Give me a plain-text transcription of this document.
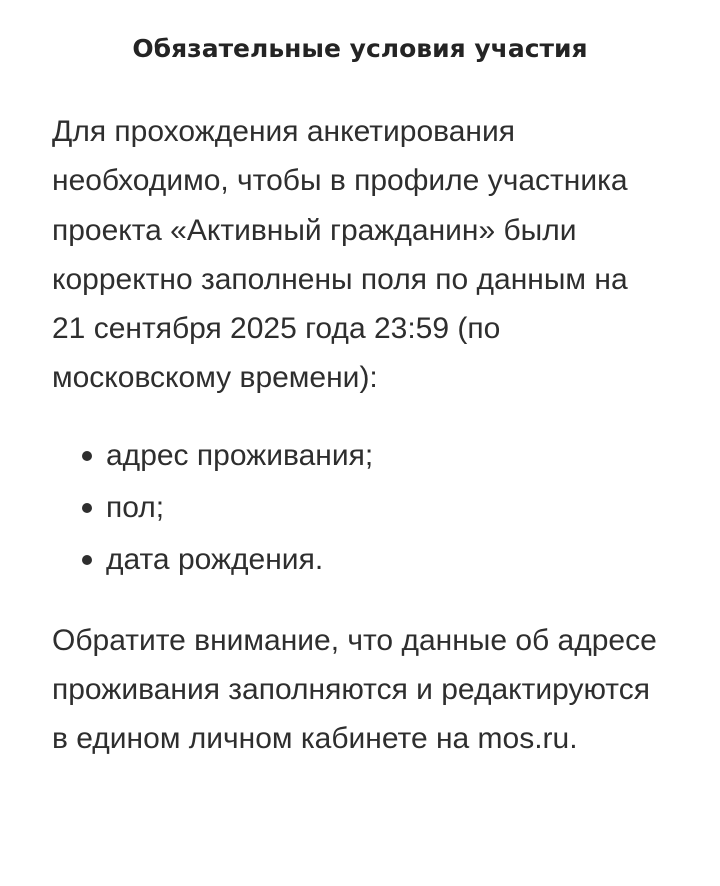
Обязательные условия участия

Для прохождения анкетирования необходимо, чтобы в профиле участника проекта «Активный гражданин» были корректно заполнены поля по данным на 21 сентября 2025 года 23:59 (по московскому времени):

адрес проживания;
пол;
дата рождения.

Обратите внимание, что данные об адресе проживания заполняются и редактируются в едином личном кабинете на mos.ru.
